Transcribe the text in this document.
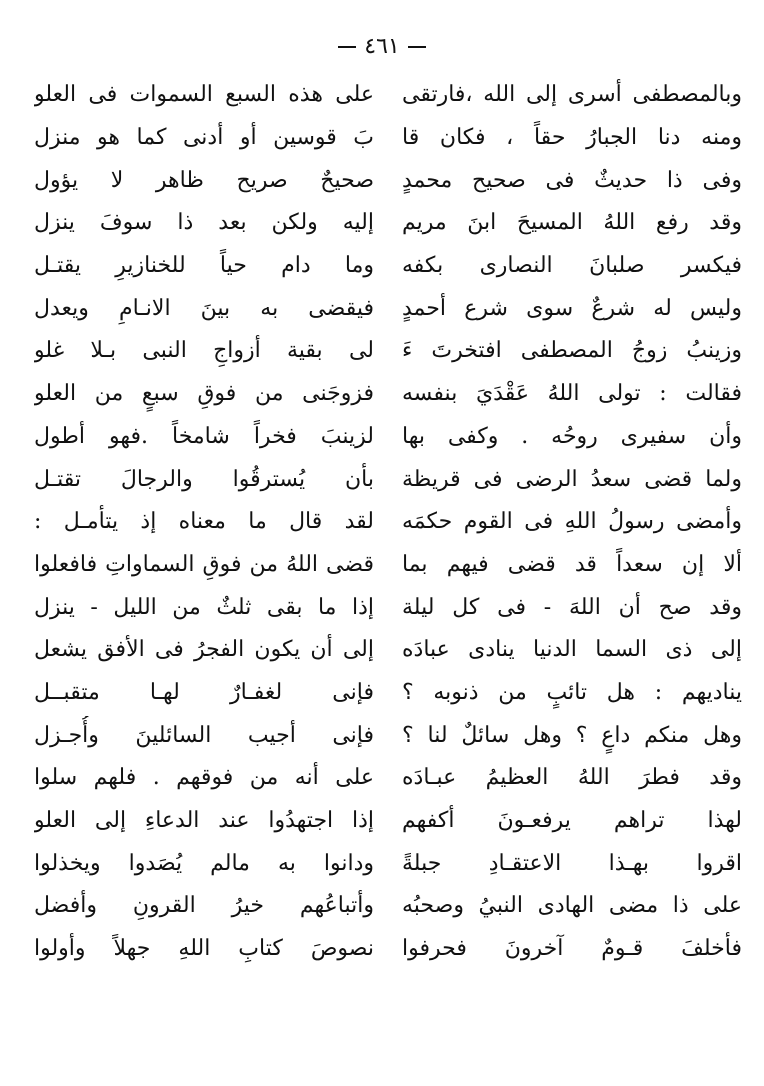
٤٦١
وبالمصطفى أسرى إلى الله ،فارتقى
على هذه السبع السموات فى العلو
ومنه دنا الجبارُ حقاً ، فكان قا
بَ قوسين أو أدنى كما هو منزل
وفى ذا حديثٌ فى صحيح محمدٍ
صحيحٌ صريح ظاهر لا يؤول
وقد رفع اللهُ المسيحَ ابنَ مريم
إليه ولكن بعد ذا سوفَ ينزل
فيكسر صلبانَ النصارى بكفه
وما دام حياً للخنازيرِ يقتـل
وليس له شرعٌ سوى شرع أحمدٍ
فيقضى به بينَ الانـامِ ويعدل
وزينبُ زوجُ المصطفى افتخرتَ ءَ
لى بقية أزواجِ النبى بـلا غلو
فقالت : تولى اللهُ عَقْدَيَ بنفسه
فزوجَنى من فوقِ سبعٍ من العلو
وأن سفيرى روحُه . وكفى بها
لزينبَ فخراً شامخاً .فهو أطول
ولما قضى سعدُ الرضى فى قريظة
بأن يُسترقُوا والرجالَ تقتـل
وأمضى رسولُ اللهِ فى القوم حكمَه
لقد قال ما معناه إذ يتأمـل :
ألا إن سعداً قد قضى فيهم بما
قضى اللهُ من فوقِ السماواتِ فافعلوا
وقد صح أن اللهَ - فى كل ليلة
إذا ما بقى ثلثٌ من الليل - ينزل
إلى ذى السما الدنيا ينادى عبادَه
إلى أن يكون الفجرُ فى الأفق يشعل
يناديهم : هل تائبٍ من ذنوبه ؟
فإنى لغفـارٌ لهـا متقبــل
وهل منكم داعٍ ؟ وهل سائلٌ لنا ؟
فإنى أجيب السائلينَ وأُجـزل
وقد فطرَ اللهُ العظيمُ عبـادَه
على أنه من فوقهم . فلهم سلوا
لهذا تراهم يرفعـونَ أكفهم
إذا اجتهدُوا عند الدعاءِ إلى العلو
اقروا بهـذا الاعتقـادِ جبلةً
ودانوا به مالم يُصَدوا ويخذلوا
على ذا مضى الهادى النبيُ وصحبُه
وأتباعُهم خيرُ القرونِ وأفضل
فأخلفَ قـومٌ آخرونَ فحرفوا
نصوصَ كتابِ اللهِ جهلاً وأولوا
